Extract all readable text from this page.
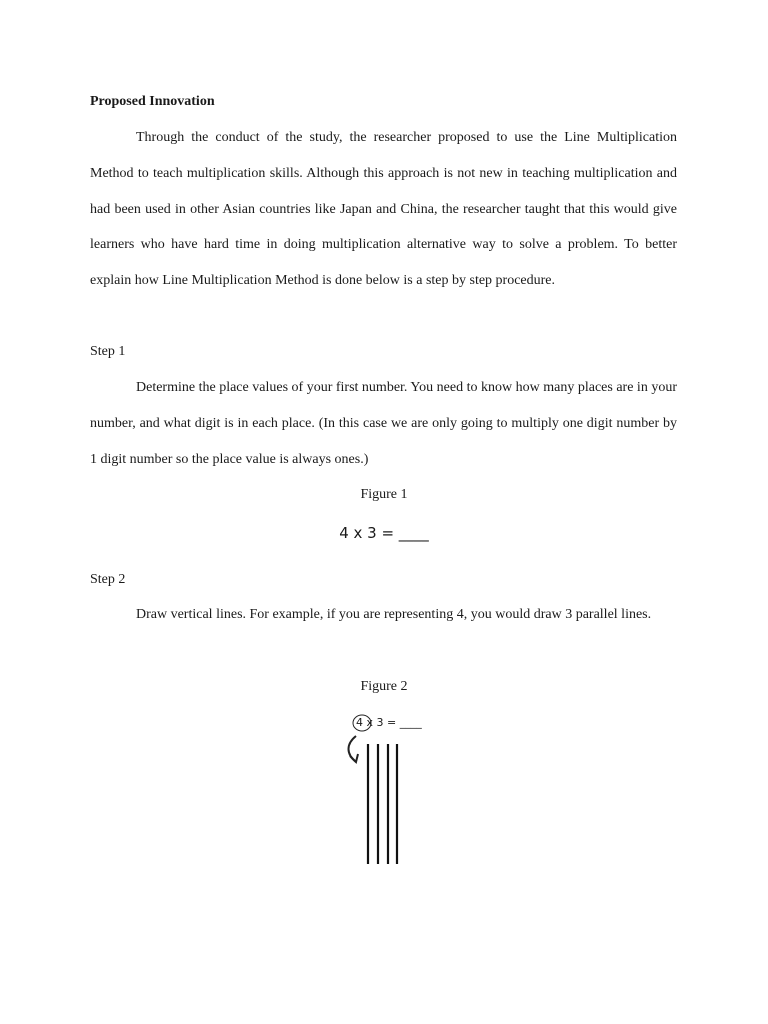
Proposed Innovation

Through the conduct of the study, the researcher proposed to use the Line Multiplication Method to teach multiplication skills. Although this approach is not new in teaching multiplication and had been used in other Asian countries like Japan and China, the researcher taught that this would give learners who have hard time in doing multiplication alternative way to solve a problem. To better explain how Line Multiplication Method is done below is a step by step procedure.

Step 1

Determine the place values of your first number. You need to know how many places are in your number, and what digit is in each place. (In this case we are only going to multiply one digit number by 1 digit number so the place value is always ones.)

Figure 1
4 x 3 = ____
Step 2

Draw vertical lines. For example, if you are representing 4, you would draw 3 parallel lines.

Figure 2
4 x 3 = ____
